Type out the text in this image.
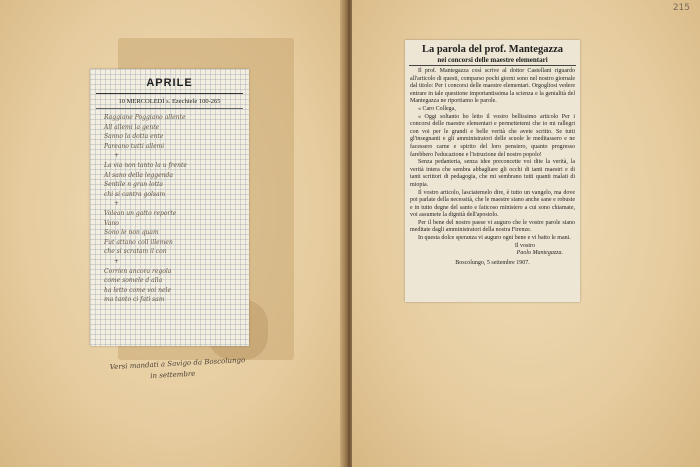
APRILE
10 MERCOLEDÌ s. Ezechiele 100-265
Raggiane Poggiano allente
All allemi la gente
Sanno la dotta ente
Pareano tutti allemi
+
La via non tanto la u frente
Al sano della leggenda
Sentile n gran lotta
chi si cantra golsam
+
Volean un gatto reporte
Vano
Sono le non quam
Fut attano coll illemen
che si scratam il con
+
Corrien ancora regola
come somele d alla
ha letto come voi nele
ma tanto ci fati sam
Versi mandati a Savigo da Boscolungo
in settembre
215
La parola del prof. Mantegazza
nei concorsi delle maestre elementari

Il prof. Mantegazza così scrive al dottor Castellani riguardo all'articolo di questi, comparso pochi giorni sono nel nostro giornale dal titolo: Per i concorsi delle maestre elementari. Orgogliosi vedere entrare in tale questione importantissima la scienza e la genialità del Mantegazza ne riportiamo le parole.

« Caro Collega,

« Oggi soltanto ho letto il vostro bellissimo articolo Per i concorsi delle maestre elementari e permettetemi che io mi rallegri con voi per le grandi e belle verità che avete scritto. Se tutti gl'insegnanti e gli amministratori delle scuole le meditassero e ne facessero carne e spirito del loro pensiero, quanto progresso farebbero l'educazione e l'istruzione del nostro popolo!

Senza pedanteria, senza idee preconcette voi dite la verità, la verità intera che sembra abbagliare gli occhi di tanti maestri e di tanti scrittori di pedagogia, che mi sembrano tutti quanti malati di miopia.

Il vostro articolo, lasciatemelo dire, è tutto un vangelo, ma dove poi parlate della necessità, che le maestre siano anche sane e robuste e in tutto degne del santo e faticoso ministero a cui sono chiamate, voi assumete la dignità dell'apostolo.

Per il bene del nostro paese vi auguro che le vostre parole siano meditate dagli amministratori della nostra Firenze.

In questa dolce speranza vi auguro ogni bene e vi batto le mani.

Il vostro
Paolo Mantegazza.
Boscolungo, 5 settembre 1907.
